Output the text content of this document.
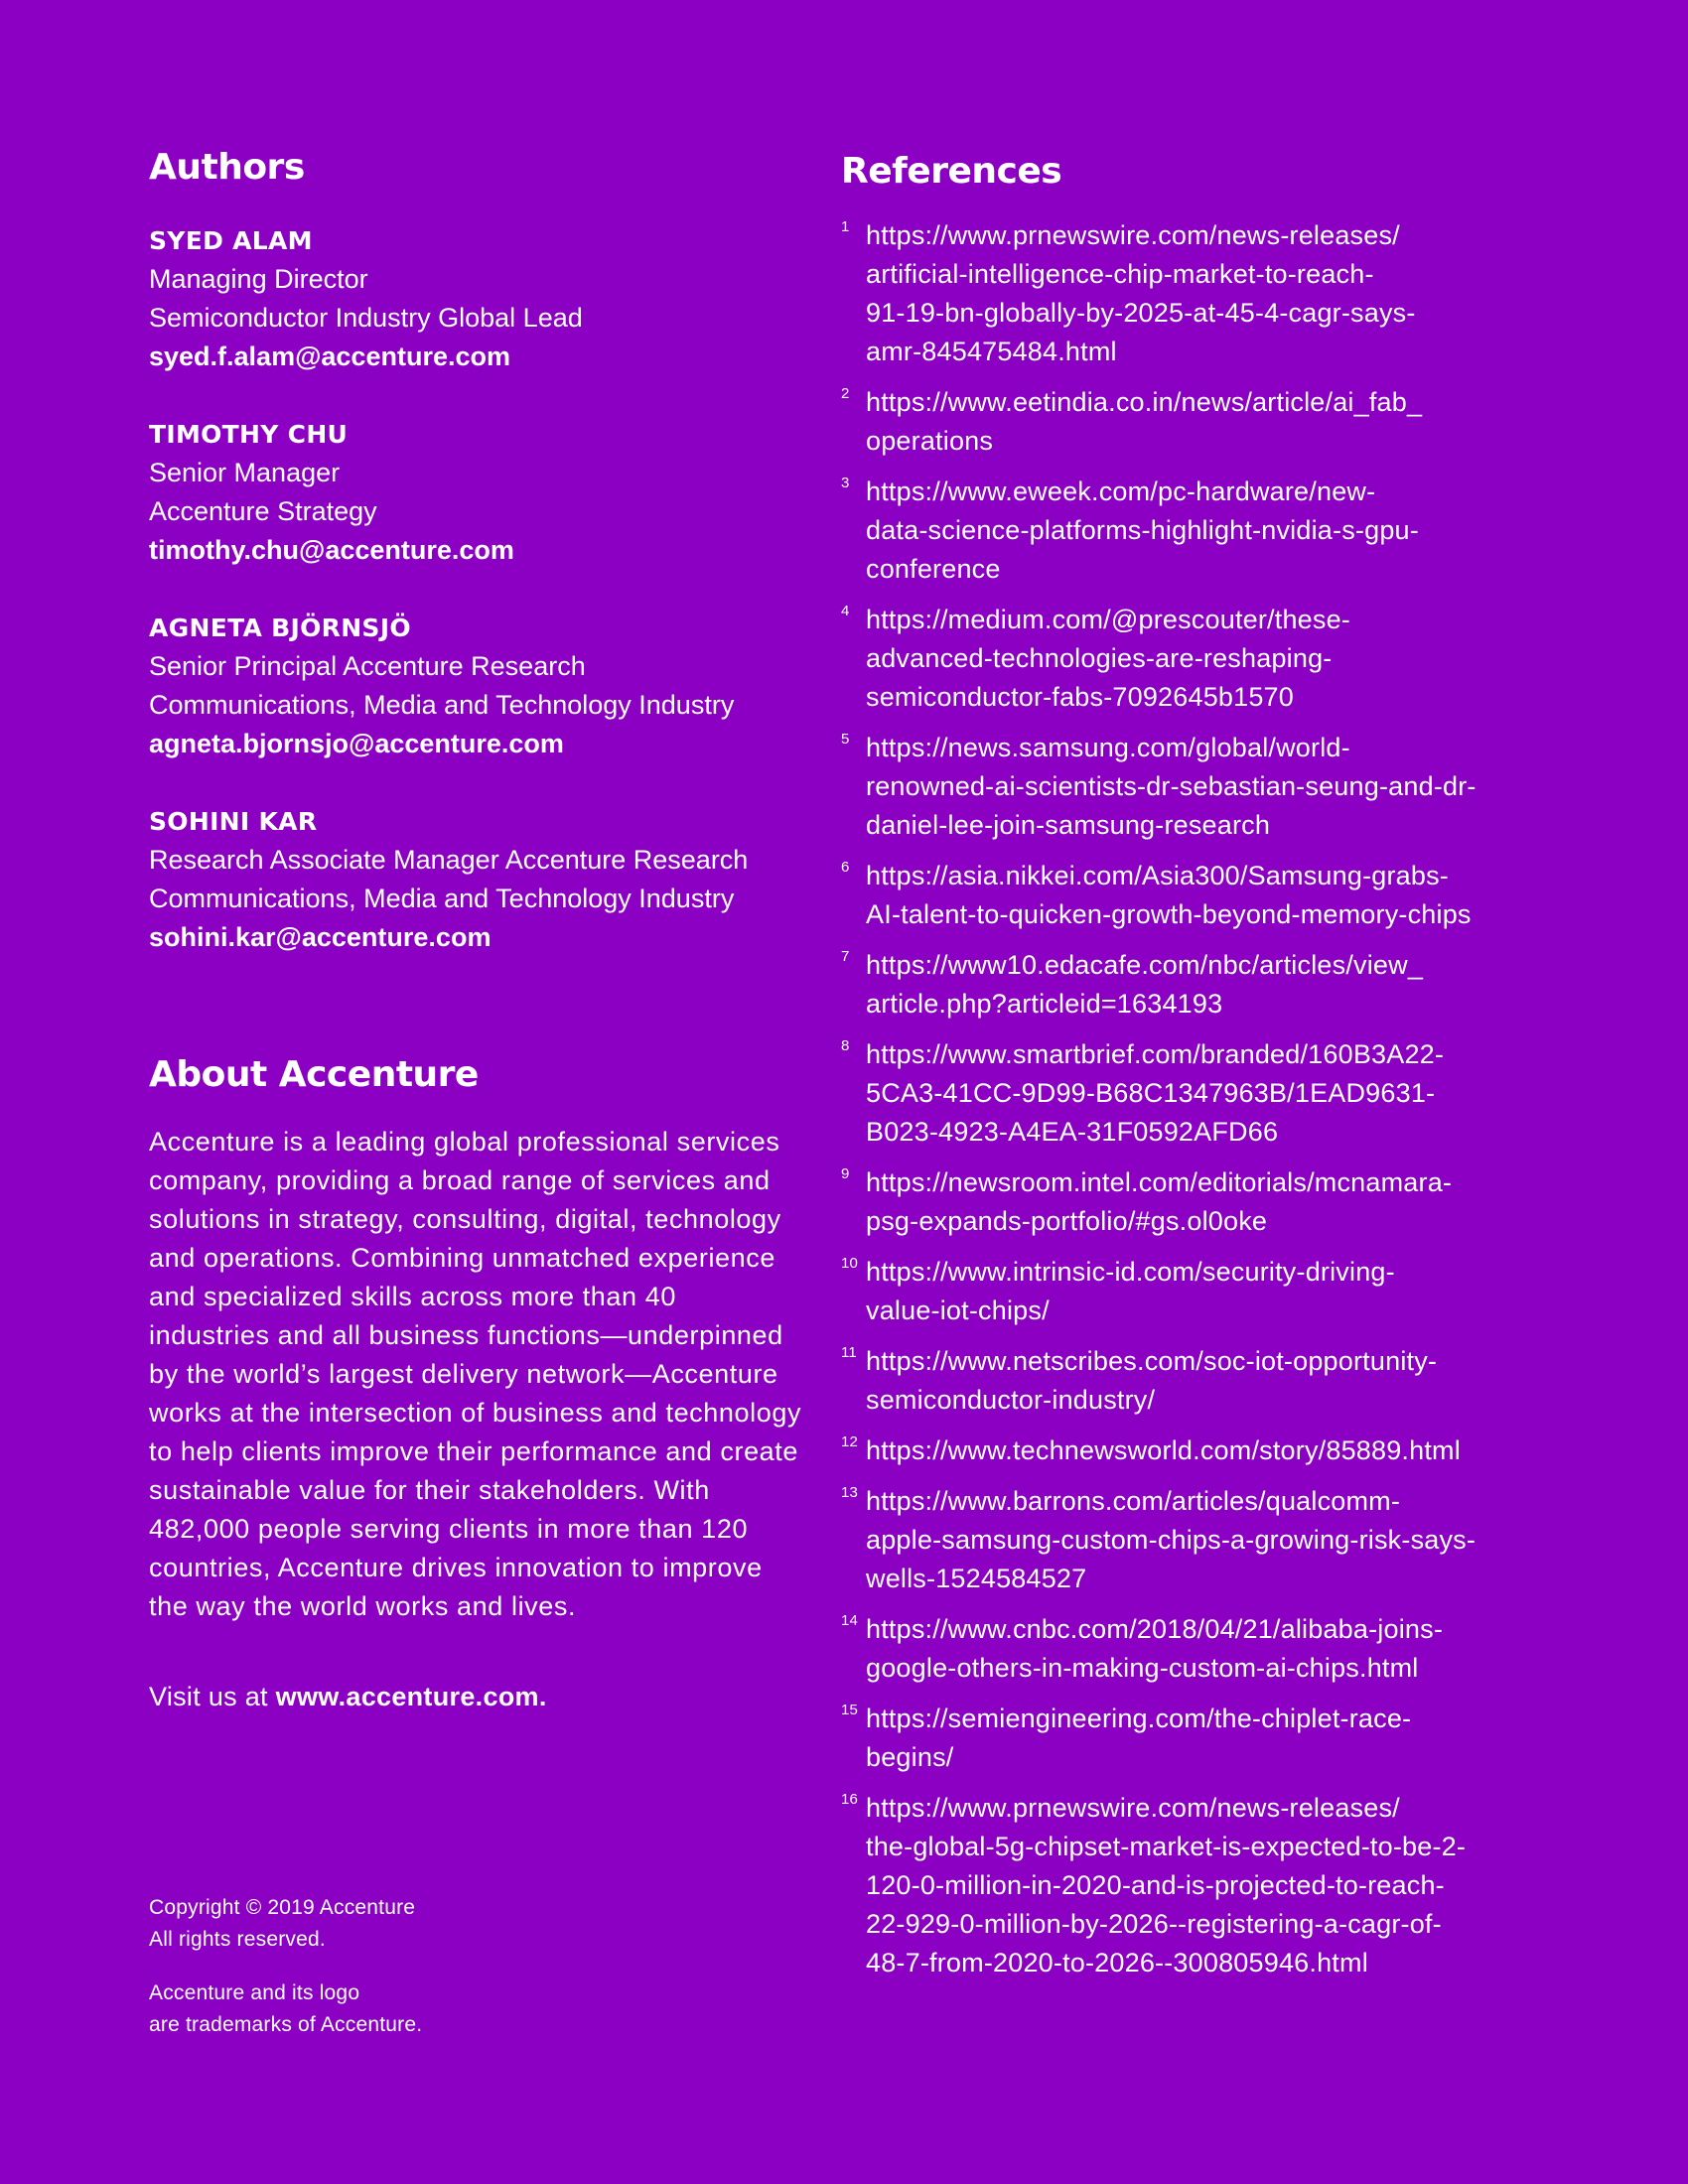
Authors
SYED ALAM
Managing Director
Semiconductor Industry Global Lead
syed.f.alam@accenture.com
TIMOTHY CHU
Senior Manager
Accenture Strategy
timothy.chu@accenture.com
AGNETA BJÖRNSJÖ
Senior Principal Accenture Research
Communications, Media and Technology Industry
agneta.bjornsjo@accenture.com
SOHINI KAR
Research Associate Manager Accenture Research
Communications, Media and Technology Industry
sohini.kar@accenture.com
About Accenture
Accenture is a leading global professional services company, providing a broad range of services and solutions in strategy, consulting, digital, technology and operations. Combining unmatched experience and specialized skills across more than 40 industries and all business functions—underpinned by the world’s largest delivery network—Accenture works at the intersection of business and technology to help clients improve their performance and create sustainable value for their stakeholders. With 482,000 people serving clients in more than 120 countries, Accenture drives innovation to improve the way the world works and lives.
Visit us at www.accenture.com.
Copyright © 2019 Accenture
All rights reserved.
Accenture and its logo
are trademarks of Accenture.
References
1 https://www.prnewswire.com/news-releases/
artificial-intelligence-chip-market-to-reach-
91-19-bn-globally-by-2025-at-45-4-cagr-says-
amr-845475484.html
2 https://www.eetindia.co.in/news/article/ai_fab_
operations
3 https://www.eweek.com/pc-hardware/new-
data-science-platforms-highlight-nvidia-s-gpu-
conference
4 https://medium.com/@prescouter/these-
advanced-technologies-are-reshaping-
semiconductor-fabs-7092645b1570
5 https://news.samsung.com/global/world-
renowned-ai-scientists-dr-sebastian-seung-and-dr-
daniel-lee-join-samsung-research
6 https://asia.nikkei.com/Asia300/Samsung-grabs-
AI-talent-to-quicken-growth-beyond-memory-chips
7 https://www10.edacafe.com/nbc/articles/view_
article.php?articleid=1634193
8 https://www.smartbrief.com/branded/160B3A22-
5CA3-41CC-9D99-B68C1347963B/1EAD9631-
B023-4923-A4EA-31F0592AFD66
9 https://newsroom.intel.com/editorials/mcnamara-
psg-expands-portfolio/#gs.ol0oke
10 https://www.intrinsic-id.com/security-driving-
value-iot-chips/
11 https://www.netscribes.com/soc-iot-opportunity-
semiconductor-industry/
12 https://www.technewsworld.com/story/85889.html
13 https://www.barrons.com/articles/qualcomm-
apple-samsung-custom-chips-a-growing-risk-says-
wells-1524584527
14 https://www.cnbc.com/2018/04/21/alibaba-joins-
google-others-in-making-custom-ai-chips.html
15 https://semiengineering.com/the-chiplet-race-
begins/
16 https://www.prnewswire.com/news-releases/
the-global-5g-chipset-market-is-expected-to-be-2-
120-0-million-in-2020-and-is-projected-to-reach-
22-929-0-million-by-2026--registering-a-cagr-of-
48-7-from-2020-to-2026--300805946.html
